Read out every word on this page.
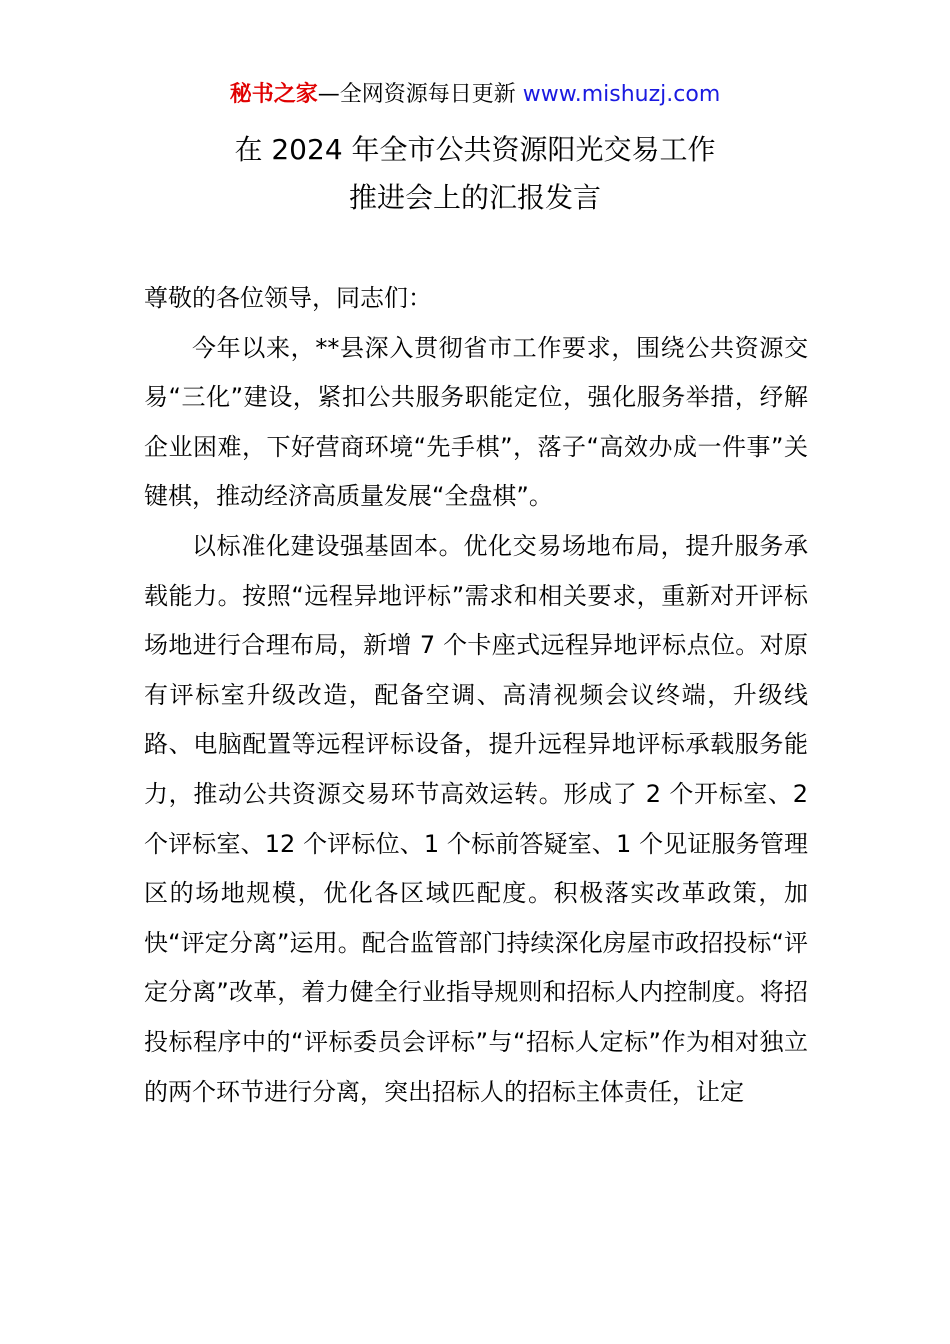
秘书之家—全网资源每日更新 www.mishuzj.com
在 2024 年全市公共资源阳光交易工作
推进会上的汇报发言

尊敬的各位领导，同志们：

今年以来，**县深入贯彻省市工作要求，围绕公共资源交易“三化”建设，紧扣公共服务职能定位，强化服务举措，纾解企业困难，下好营商环境“先手棋”，落子“高效办成一件事”关键棋，推动经济高质量发展“全盘棋”。

以标准化建设强基固本。优化交易场地布局，提升服务承载能力。按照“远程异地评标”需求和相关要求，重新对开评标场地进行合理布局，新增 7 个卡座式远程异地评标点位。对原有评标室升级改造，配备空调、高清视频会议终端，升级线路、电脑配置等远程评标设备，提升远程异地评标承载服务能力，推动公共资源交易环节高效运转。形成了 2 个开标室、2 个评标室、12 个评标位、1 个标前答疑室、1 个见证服务管理区的场地规模，优化各区域匹配度。积极落实改革政策，加快“评定分离”运用。配合监管部门持续深化房屋市政招投标“评定分离”改革，着力健全行业指导规则和招标人内控制度。将招投标程序中的“评标委员会评标”与“招标人定标”作为相对独立的两个环节进行分离，突出招标人的招标主体责任，让定
